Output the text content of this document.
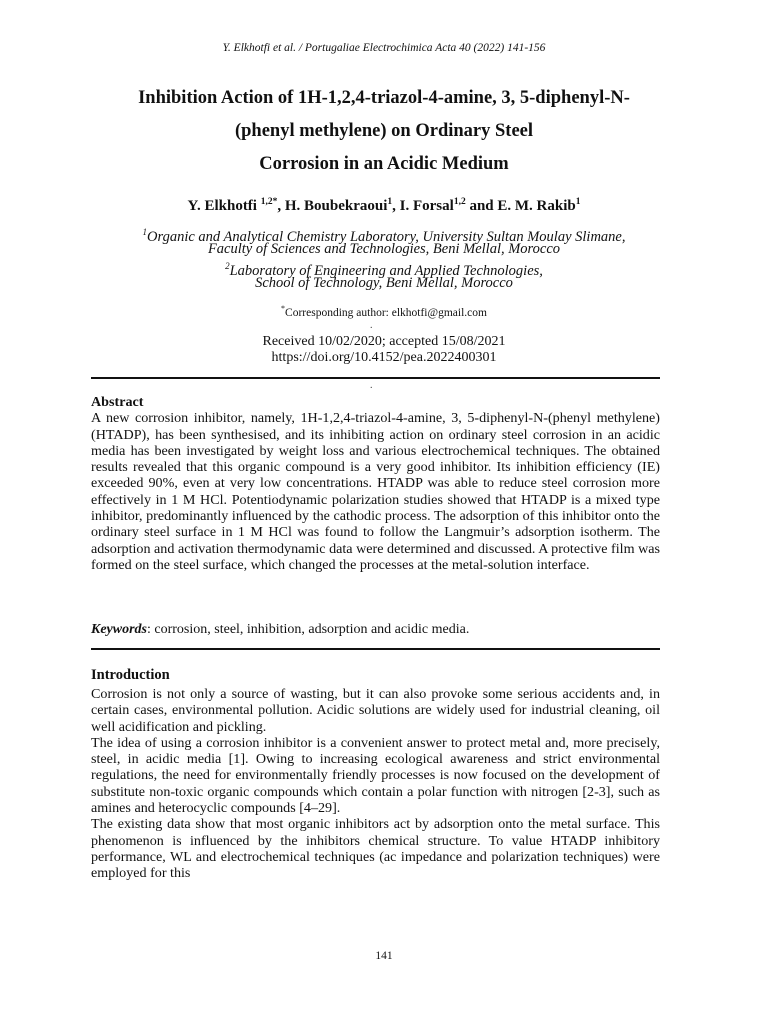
Y. Elkhotfi et al. / Portugaliae Electrochimica Acta 40 (2022) 141-156
Inhibition Action of 1H-1,2,4-triazol-4-amine, 3, 5-diphenyl-N-
(phenyl methylene) on Ordinary Steel
Corrosion in an Acidic Medium
Y. Elkhotfi $^{1,2*}$, H. Boubekraoui$^1$, I. Forsal$^{1,2}$ and E. M. Rakib$^1$
$^1$Organic and Analytical Chemistry Laboratory, University Sultan Moulay Slimane,
Faculty of Sciences and Technologies, Beni Mellal, Morocco
$^2$Laboratory of Engineering and Applied Technologies,
School of Technology, Beni Mellal, Morocco
*Corresponding author: elkhotfi@gmail.com
.
Received 10/02/2020; accepted 15/08/2021
https://doi.org/10.4152/pea.2022400301
.
Abstract
A new corrosion inhibitor, namely, 1H-1,2,4-triazol-4-amine, 3, 5-diphenyl-N-(phenyl methylene) (HTADP), has been synthesised, and its inhibiting action on ordinary steel corrosion in an acidic media has been investigated by weight loss and various electrochemical techniques. The obtained results revealed that this organic compound is a very good inhibitor. Its inhibition efficiency (IE) exceeded 90%, even at very low concentrations. HTADP was able to reduce steel corrosion more effectively in 1 M HCl. Potentiodynamic polarization studies showed that HTADP is a mixed type inhibitor, predominantly influenced by the cathodic process. The adsorption of this inhibitor onto the ordinary steel surface in 1 M HCl was found to follow the Langmuir’s adsorption isotherm. The adsorption and activation thermodynamic data were determined and discussed. A protective film was formed on the steel surface, which changed the processes at the metal-solution interface.
Keywords: corrosion, steel, inhibition, adsorption and acidic media.
Introduction
Corrosion is not only a source of wasting, but it can also provoke some serious accidents and, in certain cases, environmental pollution. Acidic solutions are widely used for industrial cleaning, oil well acidification and pickling.
The idea of using a corrosion inhibitor is a convenient answer to protect metal and, more precisely, steel, in acidic media [1]. Owing to increasing ecological awareness and strict environmental regulations, the need for environmentally friendly processes is now focused on the development of substitute non-toxic organic compounds which contain a polar function with nitrogen [2-3], such as amines and heterocyclic compounds [4–29].
The existing data show that most organic inhibitors act by adsorption onto the metal surface. This phenomenon is influenced by the inhibitors chemical structure. To value HTADP inhibitory performance, WL and electrochemical techniques (ac impedance and polarization techniques) were employed for this
141
